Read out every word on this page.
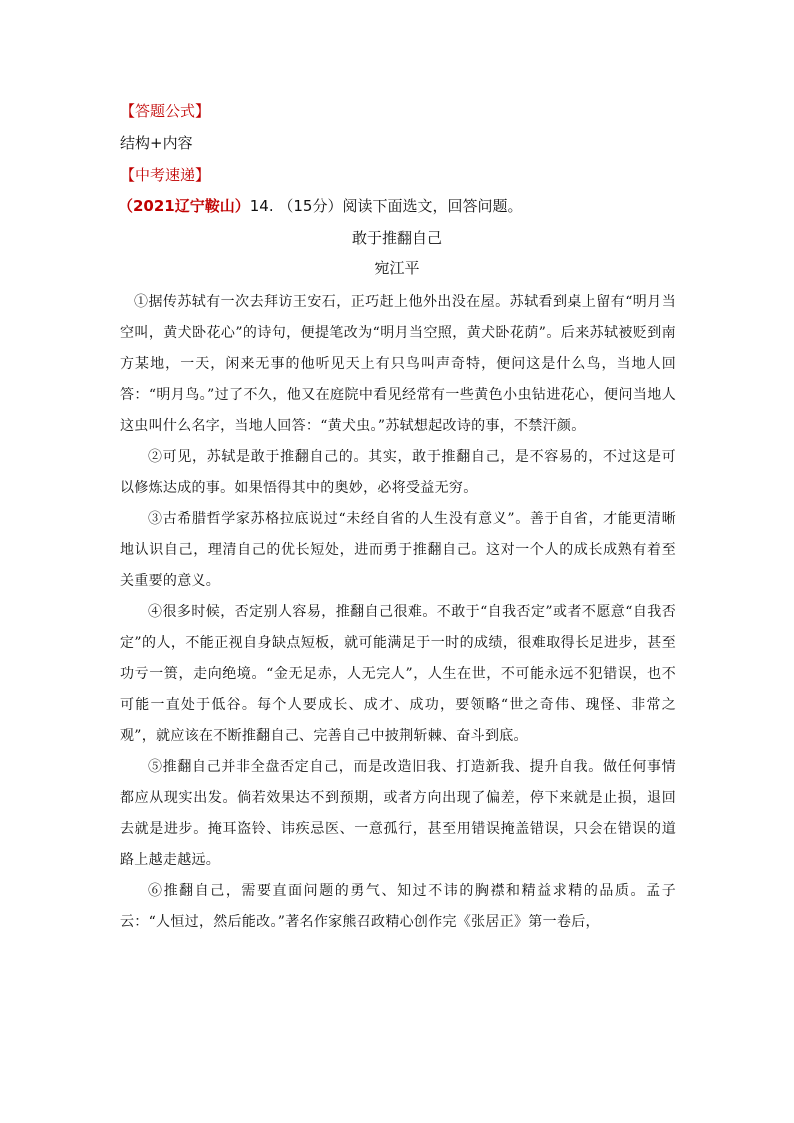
【答题公式】
结构+内容
【中考速递】
（2021辽宁鞍山）14. （15分）阅读下面选文，回答问题。
敢于推翻自己
宛江平

①据传苏轼有一次去拜访王安石，正巧赶上他外出没在屋。苏轼看到桌上留有“明月当空叫，黄犬卧花心”的诗句，便提笔改为“明月当空照，黄犬卧花荫”。后来苏轼被贬到南方某地，一天，闲来无事的他听见天上有只鸟叫声奇特，便问这是什么鸟，当地人回答：“明月鸟。”过了不久，他又在庭院中看见经常有一些黄色小虫钻进花心，便问当地人这虫叫什么名字，当地人回答：“黄犬虫。”苏轼想起改诗的事，不禁汗颜。

②可见，苏轼是敢于推翻自己的。其实，敢于推翻自己，是不容易的，不过这是可以修炼达成的事。如果悟得其中的奥妙，必将受益无穷。

③古希腊哲学家苏格拉底说过“未经自省的人生没有意义”。善于自省，才能更清晰地认识自己，理清自己的优长短处，进而勇于推翻自己。这对一个人的成长成熟有着至关重要的意义。

④很多时候，否定别人容易，推翻自己很难。不敢于“自我否定”或者不愿意“自我否定”的人，不能正视自身缺点短板，就可能满足于一时的成绩，很难取得长足进步，甚至功亏一篑，走向绝境。“金无足赤，人无完人”，人生在世，不可能永远不犯错误，也不可能一直处于低谷。每个人要成长、成才、成功，要领略“世之奇伟、瑰怪、非常之观”，就应该在不断推翻自己、完善自己中披荆斩棘、奋斗到底。

⑤推翻自己并非全盘否定自己，而是改造旧我、打造新我、提升自我。做任何事情都应从现实出发。倘若效果达不到预期，或者方向出现了偏差，停下来就是止损，退回去就是进步。掩耳盗铃、讳疾忌医、一意孤行，甚至用错误掩盖错误，只会在错误的道路上越走越远。

⑥推翻自己，需要直面问题的勇气、知过不讳的胸襟和精益求精的品质。孟子云：“人恒过，然后能改。”著名作家熊召政精心创作完《张居正》第一卷后，
